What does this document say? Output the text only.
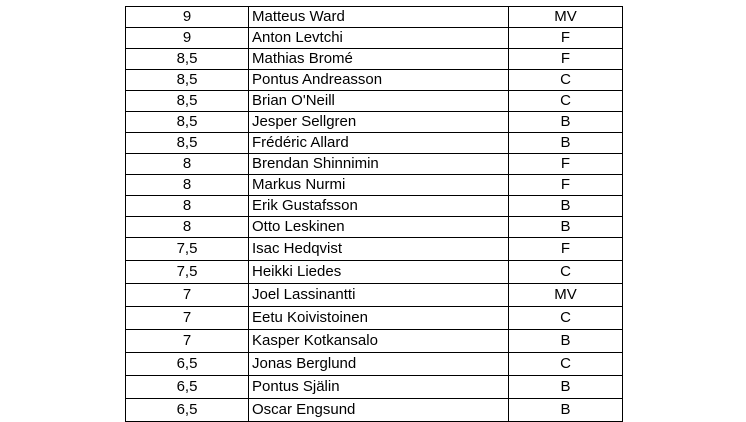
9	Matteus Ward	MV
9	Anton Levtchi	F
8,5	Mathias Bromé	F
8,5	Pontus Andreasson	C
8,5	Brian O'Neill	C
8,5	Jesper Sellgren	B
8,5	Frédéric Allard	B
8	Brendan Shinnimin	F
8	Markus Nurmi	F
8	Erik Gustafsson	B
8	Otto Leskinen	B
7,5	Isac Hedqvist	F
7,5	Heikki Liedes	C
7	Joel Lassinantti	MV
7	Eetu Koivistoinen	C
7	Kasper Kotkansalo	B
6,5	Jonas Berglund	C
6,5	Pontus Själin	B
6,5	Oscar Engsund	B
